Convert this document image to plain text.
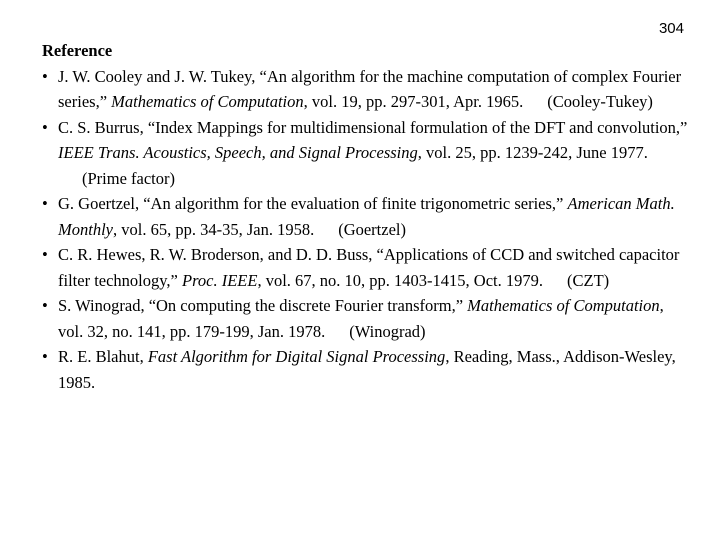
304
Reference
• J. W. Cooley and J. W. Tukey, “An algorithm for the machine computation of complex Fourier series,” Mathematics of Computation, vol. 19, pp. 297-301, Apr. 1965. (Cooley-Tukey)
• C. S. Burrus, “Index Mappings for multidimensional formulation of the DFT and convolution,” IEEE Trans. Acoustics, Speech, and Signal Processing, vol. 25, pp. 1239-242, June 1977.(Prime factor)
• G. Goertzel, “An algorithm for the evaluation of finite trigonometric series,” American Math. Monthly, vol. 65, pp. 34-35, Jan. 1958. (Goertzel)
• C. R. Hewes, R. W. Broderson, and D. D. Buss, “Applications of CCD and switched capacitor filter technology,” Proc. IEEE, vol. 67, no. 10, pp. 1403-1415, Oct. 1979. (CZT)
• S. Winograd, “On computing the discrete Fourier transform,” Mathematics of Computation, vol. 32, no. 141, pp. 179-199, Jan. 1978. (Winograd)
• R. E. Blahut, Fast Algorithm for Digital Signal Processing, Reading, Mass., Addison-Wesley, 1985.
